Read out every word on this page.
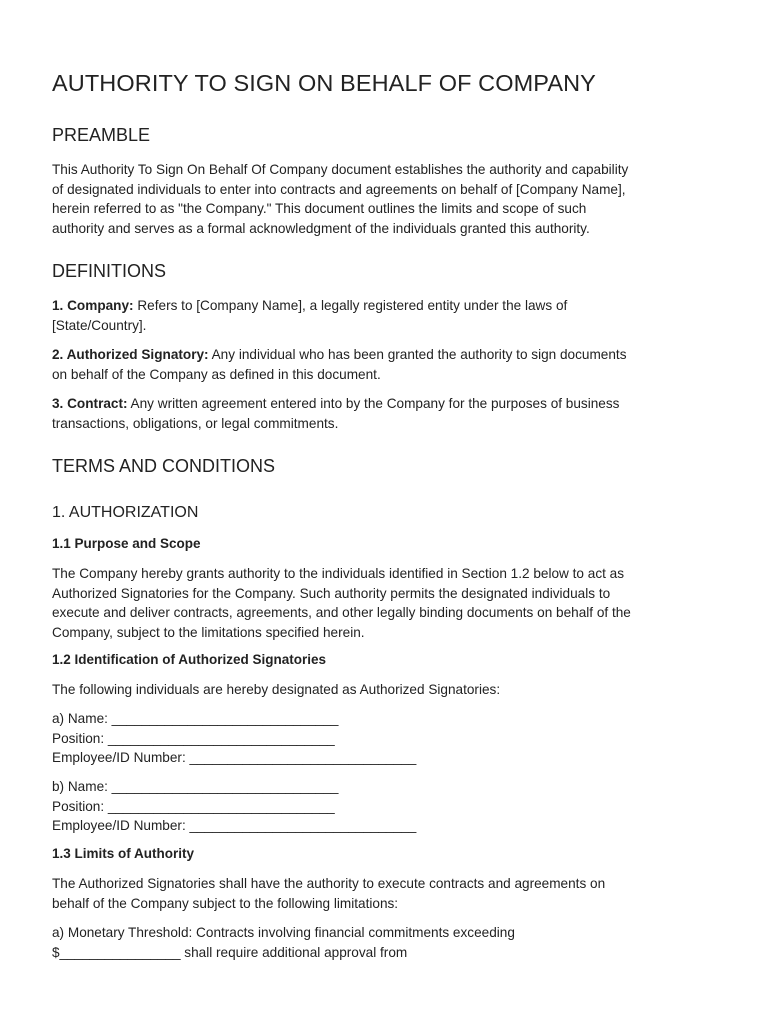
AUTHORITY TO SIGN ON BEHALF OF COMPANY
PREAMBLE

This Authority To Sign On Behalf Of Company document establishes the authority and capability
of designated individuals to enter into contracts and agreements on behalf of [Company Name],
herein referred to as "the Company." This document outlines the limits and scope of such
authority and serves as a formal acknowledgment of the individuals granted this authority.

DEFINITIONS

1. Company: Refers to [Company Name], a legally registered entity under the laws of
[State/Country].

2. Authorized Signatory: Any individual who has been granted the authority to sign documents
on behalf of the Company as defined in this document.

3. Contract: Any written agreement entered into by the Company for the purposes of business
transactions, obligations, or legal commitments.

TERMS AND CONDITIONS
1. AUTHORIZATION
1.1 Purpose and Scope

The Company hereby grants authority to the individuals identified in Section 1.2 below to act as
Authorized Signatories for the Company. Such authority permits the designated individuals to
execute and deliver contracts, agreements, and other legally binding documents on behalf of the
Company, subject to the limitations specified herein.

1.2 Identification of Authorized Signatories

The following individuals are hereby designated as Authorized Signatories:

a) Name: ______________________________
Position: ______________________________
Employee/ID Number: ______________________________

b) Name: ______________________________
Position: ______________________________
Employee/ID Number: ______________________________

1.3 Limits of Authority

The Authorized Signatories shall have the authority to execute contracts and agreements on
behalf of the Company subject to the following limitations:

a) Monetary Threshold: Contracts involving financial commitments exceeding
$________________ shall require additional approval from
